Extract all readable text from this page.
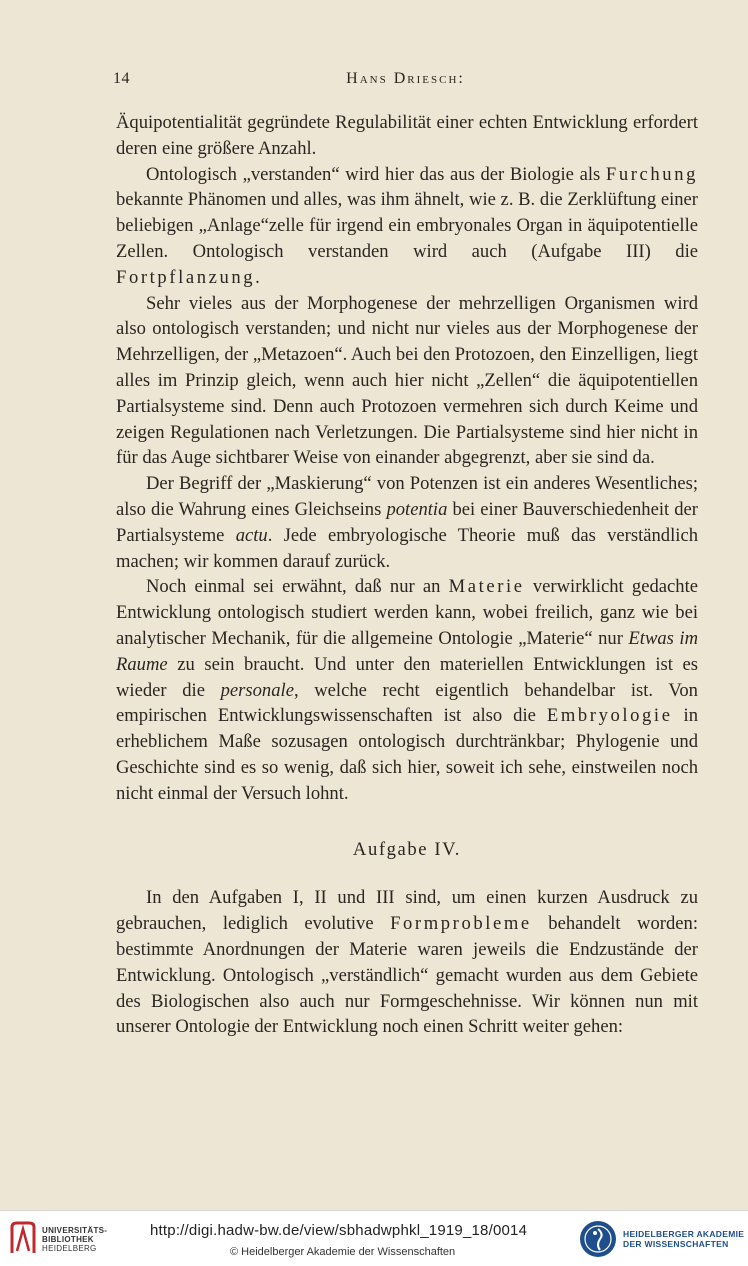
14	Hans Driesch:

Äquipotentialität gegründete Regulabilität einer echten Entwicklung erfordert deren eine größere Anzahl.

Ontologisch „verstanden“ wird hier das aus der Biologie als Furchung bekannte Phänomen und alles, was ihm ähnelt, wie z. B. die Zerklüftung einer beliebigen „Anlage“zelle für irgend ein embryonales Organ in äquipotentielle Zellen. Ontologisch verstanden wird auch (Aufgabe III) die Fortpflanzung.

Sehr vieles aus der Morphogenese der mehrzelligen Organismen wird also ontologisch verstanden; und nicht nur vieles aus der Morphogenese der Mehrzelligen, der „Metazoen“. Auch bei den Protozoen, den Einzelligen, liegt alles im Prinzip gleich, wenn auch hier nicht „Zellen“ die äquipotentiellen Partialsysteme sind. Denn auch Protozoen vermehren sich durch Keime und zeigen Regulationen nach Verletzungen. Die Partialsysteme sind hier nicht in für das Auge sichtbarer Weise von einander abgegrenzt, aber sie sind da.

Der Begriff der „Maskierung“ von Potenzen ist ein anderes Wesentliches; also die Wahrung eines Gleichseins potentia bei einer Bauverschiedenheit der Partialsysteme actu. Jede embryologische Theorie muß das verständlich machen; wir kommen darauf zurück.

Noch einmal sei erwähnt, daß nur an Materie verwirklicht gedachte Entwicklung ontologisch studiert werden kann, wobei freilich, ganz wie bei analytischer Mechanik, für die allgemeine Ontologie „Materie“ nur Etwas im Raume zu sein braucht. Und unter den materiellen Entwicklungen ist es wieder die personale, welche recht eigentlich behandelbar ist. Von empirischen Entwicklungswissenschaften ist also die Embryologie in erheblichem Maße sozusagen ontologisch durchtränkbar; Phylogenie und Geschichte sind es so wenig, daß sich hier, soweit ich sehe, einstweilen noch nicht einmal der Versuch lohnt.

Aufgabe IV.

In den Aufgaben I, II und III sind, um einen kurzen Ausdruck zu gebrauchen, lediglich evolutive Formprobleme behandelt worden: bestimmte Anordnungen der Materie waren jeweils die Endzustände der Entwicklung. Ontologisch „verständlich“ gemacht wurden aus dem Gebiete des Biologischen also auch nur Formgeschehnisse. Wir können nun mit unserer Ontologie der Entwicklung noch einen Schritt weiter gehen:

UNIVERSITÄTS-
BIBLIOTHEK
HEIDELBERG
http://digi.hadw-bw.de/view/sbhadwphkl_1919_18/0014
© Heidelberger Akademie der Wissenschaften
HEIDELBERGER AKADEMIE
DER WISSENSCHAFTEN
